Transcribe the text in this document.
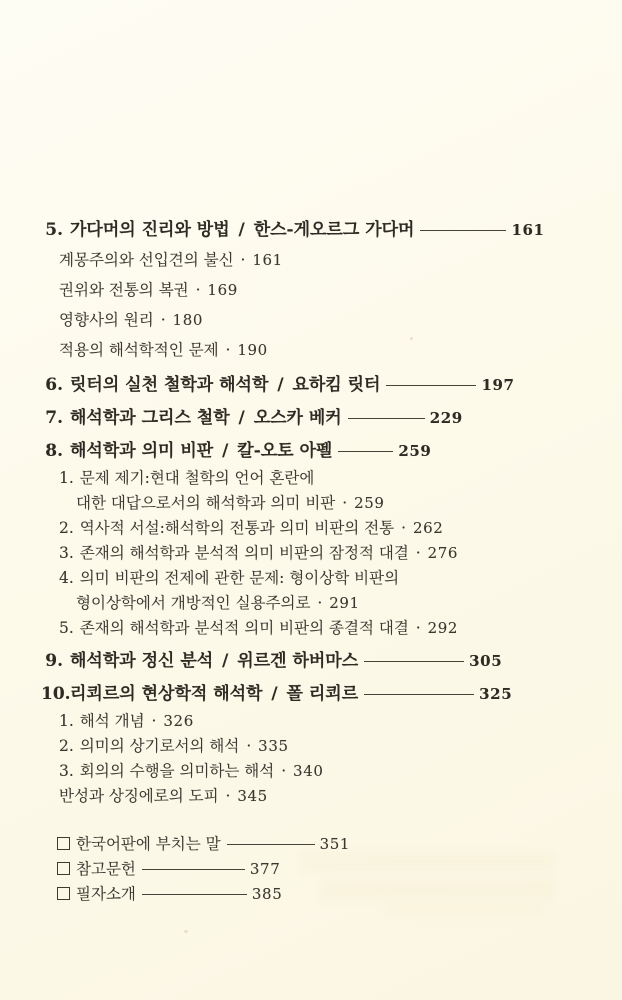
5. 가다머의 진리와 방법 / 한스-게오르그 가다머	161
계몽주의와 선입견의 불신 · 161
권위와 전통의 복권 · 169
영향사의 원리 · 180
적용의 해석학적인 문제 · 190
6. 릿터의 실천 철학과 해석학 / 요하킴 릿터	197
7. 해석학과 그리스 철학 / 오스카 베커	229
8. 해석학과 의미 비판 / 칼-오토 아펠	259
1. 문제 제기:현대 철학의 언어 혼란에
대한 대답으로서의 해석학과 의미 비판 · 259
2. 역사적 서설:해석학의 전통과 의미 비판의 전통 · 262
3. 존재의 해석학과 분석적 의미 비판의 잠정적 대결 · 276
4. 의미 비판의 전제에 관한 문제: 형이상학 비판의
형이상학에서 개방적인 실용주의로 · 291
5. 존재의 해석학과 분석적 의미 비판의 종결적 대결 · 292
9. 해석학과 정신 분석 / 위르겐 하버마스	305
10.리쾨르의 현상학적 해석학 / 폴 리쾨르	325
1. 해석 개념 · 326
2. 의미의 상기로서의 해석 · 335
3. 회의의 수행을 의미하는 해석 · 340
반성과 상징에로의 도피 · 345
한국어판에 부치는 말	351
참고문헌	377
필자소개	385
